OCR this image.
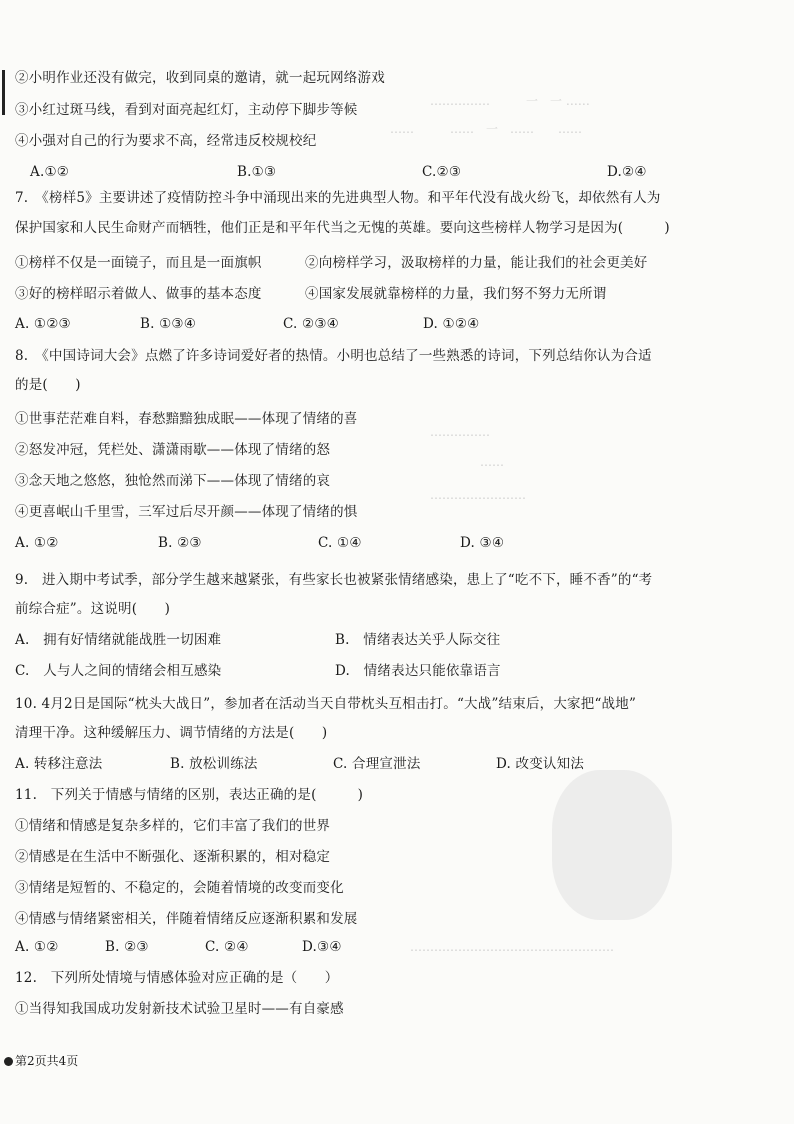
……………　　　一　一 ……
……　　　……　一　……　　……
……………
……
……………………
……………………………………………
②小明作业还没有做完，收到同桌的邀请，就一起玩网络游戏
③小红过斑马线，看到对面亮起红灯，主动停下脚步等候
④小强对自己的行为要求不高，经常违反校规校纪
A.①②	B.①③	C.②③	D.②④
7.　《榜样5》主要讲述了疫情防控斗争中涌现出来的先进典型人物。和平年代没有战火纷飞，却依然有人为
保护国家和人民生命财产而牺牲，他们正是和平年代当之无愧的英雄。要向这些榜样人物学习是因为(　　　)
①榜样不仅是一面镜子，而且是一面旗帜	②向榜样学习，汲取榜样的力量，能让我们的社会更美好
③好的榜样昭示着做人、做事的基本态度	④国家发展就靠榜样的力量，我们努不努力无所谓
A. ①②③	B. ①③④	C. ②③④	D. ①②④
8.　《中国诗词大会》点燃了许多诗词爱好者的热情。小明也总结了一些熟悉的诗词，下列总结你认为合适
的是(　　)
①世事茫茫难自料，春愁黯黯独成眠——体现了情绪的喜
②怒发冲冠，凭栏处、潇潇雨歇——体现了情绪的怒
③念天地之悠悠，独怆然而涕下——体现了情绪的哀
④更喜岷山千里雪，三军过后尽开颜——体现了情绪的惧
A. ①②	B. ②③	C. ①④	D. ③④
9.　进入期中考试季，部分学生越来越紧张，有些家长也被紧张情绪感染，患上了“吃不下，睡不香”的“考
前综合症”。这说明(　　)
A.　拥有好情绪就能战胜一切困难	B.　情绪表达关乎人际交往
C.　人与人之间的情绪会相互感染	D.　情绪表达只能依靠语言
10. 4月2日是国际“枕头大战日”，参加者在活动当天自带枕头互相击打。“大战”结束后，大家把“战地”
清理干净。这种缓解压力、调节情绪的方法是(　　)
A. 转移注意法	B. 放松训练法	C. 合理宣泄法	D. 改变认知法
11.　下列关于情感与情绪的区别，表达正确的是(　　　)
①情绪和情感是复杂多样的，它们丰富了我们的世界
②情感是在生活中不断强化、逐渐积累的，相对稳定
③情绪是短暂的、不稳定的，会随着情境的改变而变化
④情感与情绪紧密相关，伴随着情绪反应逐渐积累和发展
A. ①②	B. ②③	C. ②④	D.③④
12.　下列所处情境与情感体验对应正确的是（　　）
①当得知我国成功发射新技术试验卫星时——有自豪感
第2页共4页
